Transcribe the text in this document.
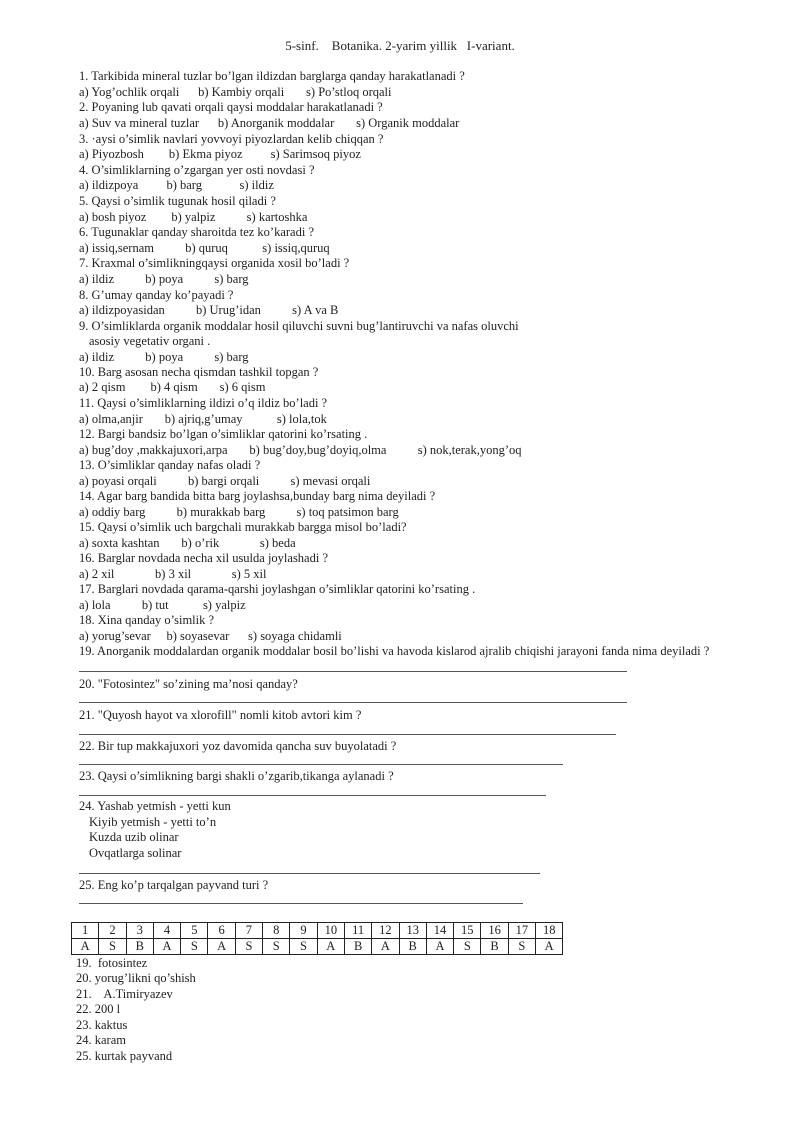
5-sinf.    Botanika. 2-yarim yillik   I-variant.
1. Tarkibida mineral tuzlar bo’lgan ildizdan barglarga qanday harakatlanadi ?
a) Yog’ochlik orqali      b) Kambiy orqali       s) Po’stloq orqali
2. Poyaning lub qavati orqali qaysi moddalar harakatlanadi ?
a) Suv va mineral tuzlar      b) Anorganik moddalar       s) Organik moddalar
3. ·aysi o’simlik navlari yovvoyi piyozlardan kelib chiqqan ?
a) Piyozbosh        b) Ekma piyoz         s) Sarimsoq piyoz
4. O’simliklarning o’zgargan yer osti novdasi ?
a) ildizpoya         b) barg            s) ildiz
5. Qaysi o’simlik tugunak hosil qiladi ?
a) bosh piyoz        b) yalpiz          s) kartoshka
6. Tugunaklar qanday sharoitda tez ko’karadi ?
a) issiq,sernam          b) quruq           s) issiq,quruq
7. Kraxmal o’simlikningqaysi organida xosil bo’ladi ?
a) ildiz          b) poya          s) barg
8. G’umay qanday ko’payadi ?
a) ildizpoyasidan          b) Urug’idan          s) A va B
9. O’simliklarda organik moddalar hosil qiluvchi suvni bug’lantiruvchi va nafas oluvchi
asosiy vegetativ organi .
a) ildiz          b) poya          s) barg
10. Barg asosan necha qismdan tashkil topgan ?
a) 2 qism        b) 4 qism       s) 6 qism
11. Qaysi o’simliklarning ildizi o’q ildiz bo’ladi ?
a) olma,anjir       b) ajriq,g’umay           s) lola,tok
12. Bargi bandsiz bo’lgan o’simliklar qatorini ko’rsating .
a) bug’doy ,makkajuxori,arpa       b) bug’doy,bug’doyiq,olma          s) nok,terak,yong’oq
13. O’simliklar qanday nafas oladi ?
a) poyasi orqali          b) bargi orqali          s) mevasi orqali
14. Agar barg bandida bitta barg joylashsa,bunday barg nima deyiladi ?
a) oddiy barg          b) murakkab barg          s) toq patsimon barg
15. Qaysi o’simlik uch bargchali murakkab bargga misol bo’ladi?
a) soxta kashtan       b) o’rik             s) beda
16. Barglar novdada necha xil usulda joylashadi ?
a) 2 xil             b) 3 xil             s) 5 xil
17. Barglari novdada qarama-qarshi joylashgan o’simliklar qatorini ko’rsating .
a) lola          b) tut           s) yalpiz
18. Xina qanday o’simlik ?
a) yorug’sevar     b) soyasevar      s) soyaga chidamli
19. Anorganik moddalardan organik moddalar bosil bo’lishi va havoda kislarod ajralib chiqishi jarayoni fanda nima deyiladi ?
20. "Fotosintez" so’zining ma’nosi qanday?
21. "Quyosh hayot va xlorofill" nomli kitob avtori kim ?
22. Bir tup makkajuxori yoz davomida qancha suv buyolatadi ?
23. Qaysi o’simlikning bargi shakli o’zgarib,tikanga aylanadi ?
24. Yashab yetmish - yetti kun
Kiyib yetmish - yetti to’n
Kuzda uzib olinar
Ovqatlarga solinar
25. Eng ko’p tarqalgan payvand turi ?
1	2	3	4	5	6	7	8	9	10	11	12	13	14	15	16	17	18
A	S	B	A	S	A	S	S	S	A	B	A	B	A	S	B	S	A
19.  fotosintez
20. yorug’likni qo’shish
21.    A.Timiryazev
22. 200 l
23. kaktus
24. karam
25. kurtak payvand
